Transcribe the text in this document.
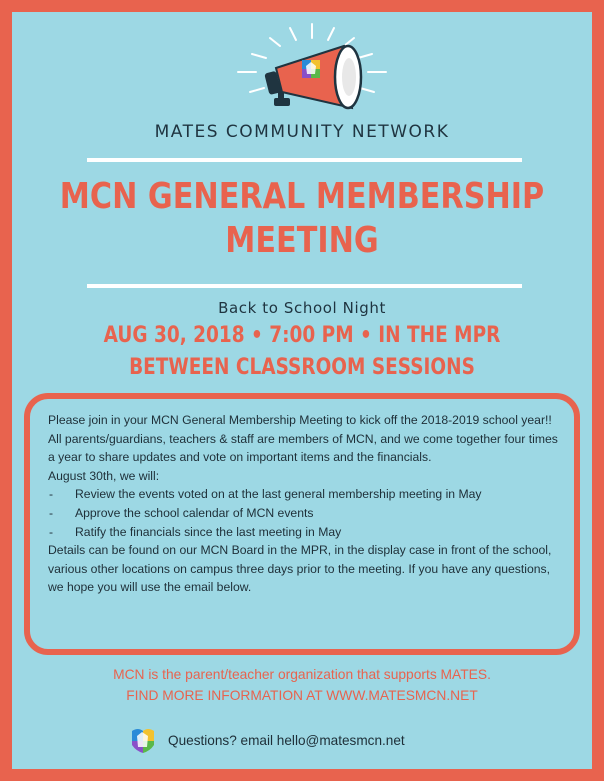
MATES COMMUNITY NETWORK
MCN GENERAL MEMBERSHIP
MEETING
Back to School Night
AUG 30, 2018 • 7:00 PM • IN THE MPR
BETWEEN CLASSROOM SESSIONS

Please join in your MCN General Membership Meeting to kick off the 2018-2019 school year!! All parents/guardians, teachers & staff are members of MCN, and we come together four times a year to share updates and vote on important items and the financials.

August 30th, we will:

- Review the events voted on at the last general membership meeting in May
- Approve the school calendar of MCN events
- Ratify the financials since the last meeting in May

Details can be found on our MCN Board in the MPR, in the display case in front of the school, various other locations on campus three days prior to the meeting. If you have any questions, we hope you will use the email below.

MCN is the parent/teacher organization that supports MATES.
FIND MORE INFORMATION AT WWW.MATESMCN.NET
Questions? email hello@matesmcn.net
